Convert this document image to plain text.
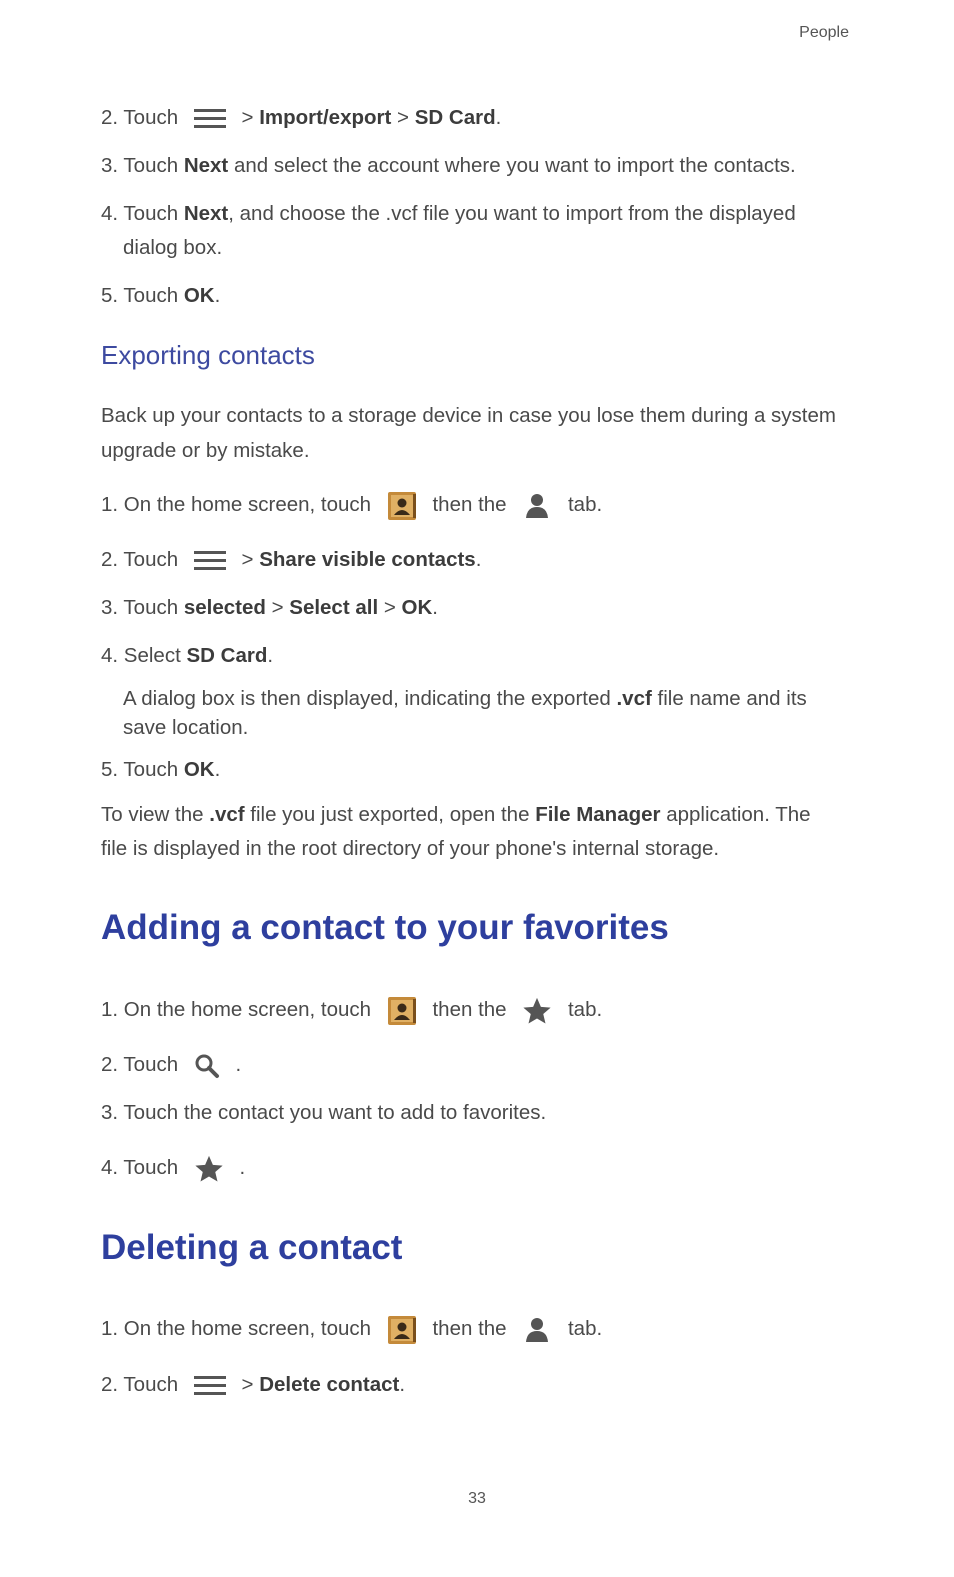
People
2. Touch	> Import/export > SD Card.
3. Touch Next and select the account where you want to import the contacts.
4. Touch Next, and choose the .vcf file you want to import from the displayed
dialog box.
5. Touch OK.
Exporting contacts
Back up your contacts to a storage device in case you lose them during a system
upgrade or by mistake.
1. On the home screen, touch	then the	tab.
2. Touch	> Share visible contacts.
3. Touch selected > Select all > OK.
4. Select SD Card.
A dialog box is then displayed, indicating the exported .vcf file name and its
save location.
5. Touch OK.
To view the .vcf file you just exported, open the File Manager application. The
file is displayed in the root directory of your phone's internal storage.
Adding a contact to your favorites
1. On the home screen, touch	then the	tab.
2. Touch	.
3. Touch the contact you want to add to favorites.
4. Touch	.
Deleting a contact
1. On the home screen, touch	then the	tab.
2. Touch	> Delete contact.
33
